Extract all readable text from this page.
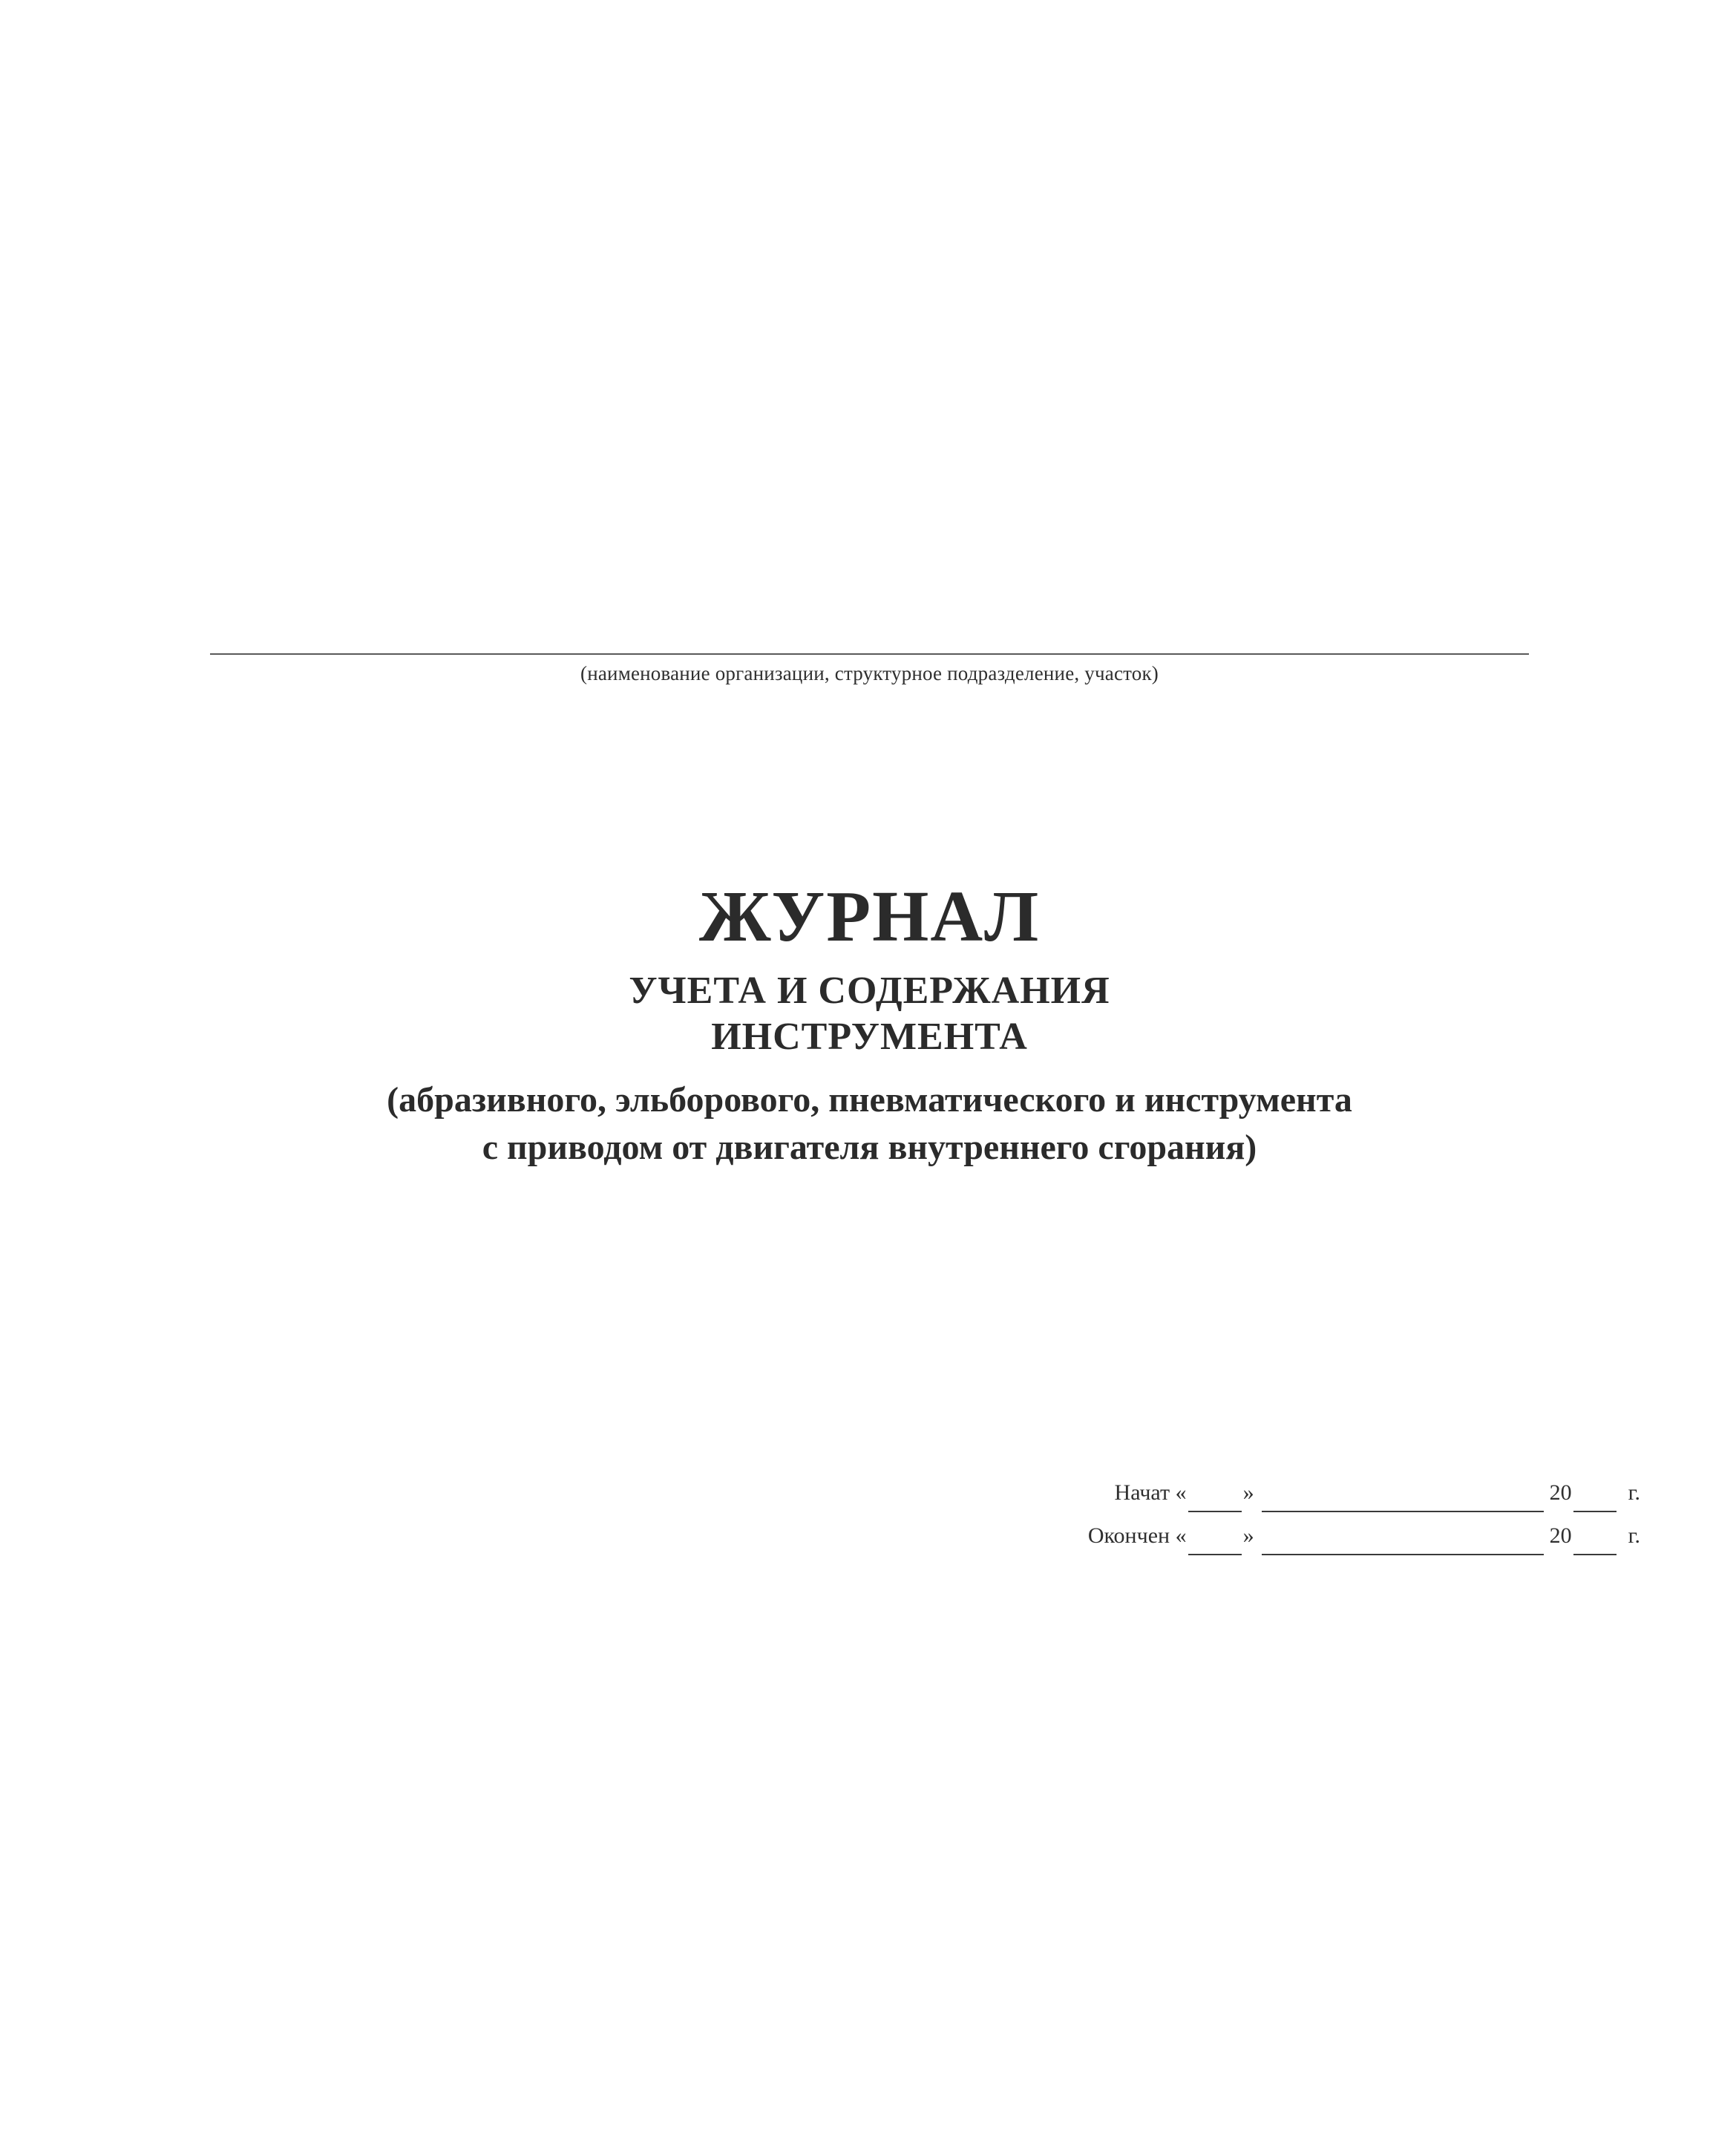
(наименование организации, структурное подразделение, участок)
ЖУРНАЛ
УЧЕТА И СОДЕРЖАНИЯ
ИНСТРУМЕНТА
(абразивного, эльборового, пневматического и инструмента
с приводом от двигателя внутреннего сгорания)
Начат «	»	20	г.
Окончен «	»	20	г.
